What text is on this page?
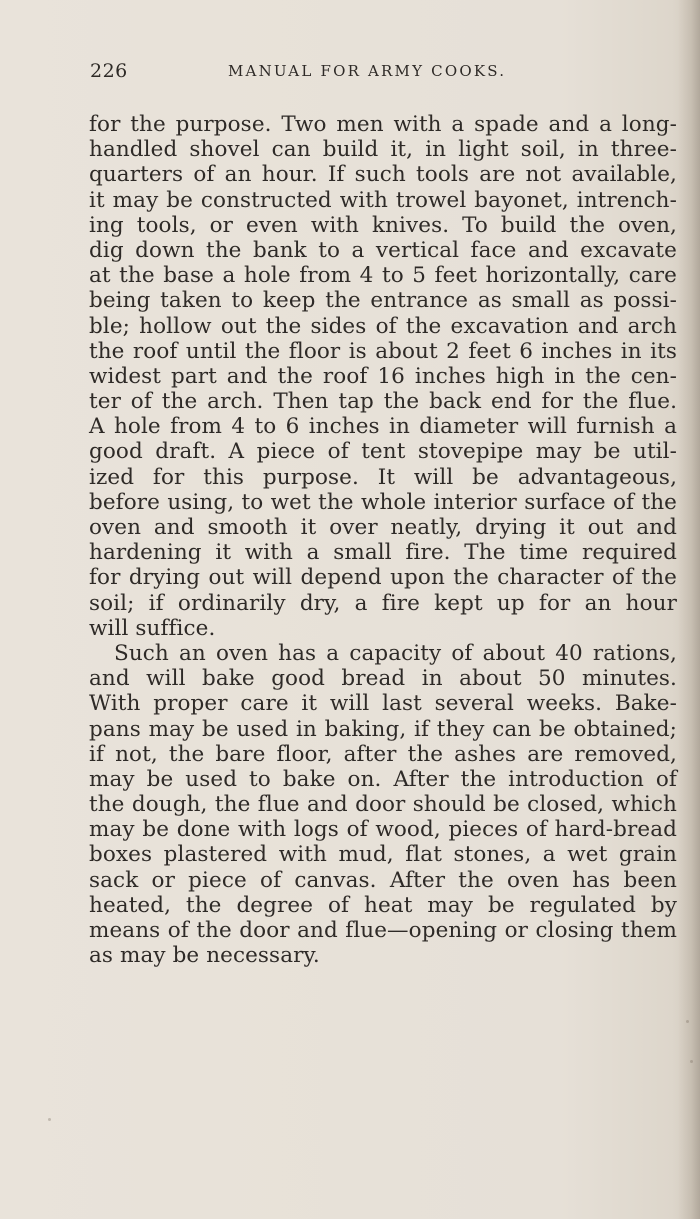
226	MANUAL FOR ARMY COOKS.
for the purpose. Two men with a spade and a long-
handled shovel can build it, in light soil, in three-
quarters of an hour. If such tools are not available,
it may be constructed with trowel bayonet, intrench-
ing tools, or even with knives. To build the oven,
dig down the bank to a vertical face and excavate
at the base a hole from 4 to 5 feet horizontally, care
being taken to keep the entrance as small as possi-
ble; hollow out the sides of the excavation and arch
the roof until the floor is about 2 feet 6 inches in its
widest part and the roof 16 inches high in the cen-
ter of the arch. Then tap the back end for the flue.
A hole from 4 to 6 inches in diameter will furnish a
good draft. A piece of tent stovepipe may be util-
ized for this purpose. It will be advantageous,
before using, to wet the whole interior surface of the
oven and smooth it over neatly, drying it out and
hardening it with a small fire. The time required
for drying out will depend upon the character of the
soil; if ordinarily dry, a fire kept up for an hour
will suffice.
Such an oven has a capacity of about 40 rations,
and will bake good bread in about 50 minutes.
With proper care it will last several weeks. Bake-
pans may be used in baking, if they can be obtained;
if not, the bare floor, after the ashes are removed,
may be used to bake on. After the introduction of
the dough, the flue and door should be closed, which
may be done with logs of wood, pieces of hard-bread
boxes plastered with mud, flat stones, a wet grain
sack or piece of canvas. After the oven has been
heated, the degree of heat may be regulated by
means of the door and flue—opening or closing them
as may be necessary.
